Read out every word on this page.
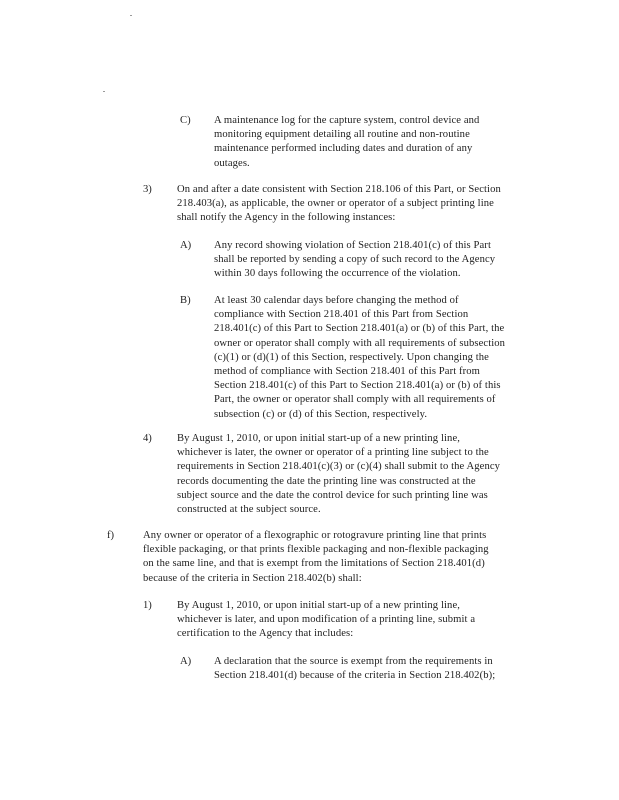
C) A maintenance log for the capture system, control device and
monitoring equipment detailing all routine and non-routine
maintenance performed including dates and duration of any
outages.
3) On and after a date consistent with Section 218.106 of this Part, or Section
218.403(a), as applicable, the owner or operator of a subject printing line
shall notify the Agency in the following instances:
A) Any record showing violation of Section 218.401(c) of this Part
shall be reported by sending a copy of such record to the Agency
within 30 days following the occurrence of the violation.
B) At least 30 calendar days before changing the method of
compliance with Section 218.401 of this Part from Section
218.401(c) of this Part to Section 218.401(a) or (b) of this Part, the
owner or operator shall comply with all requirements of subsection
(c)(1) or (d)(1) of this Section, respectively. Upon changing the
method of compliance with Section 218.401 of this Part from
Section 218.401(c) of this Part to Section 218.401(a) or (b) of this
Part, the owner or operator shall comply with all requirements of
subsection (c) or (d) of this Section, respectively.
4) By August 1, 2010, or upon initial start-up of a new printing line,
whichever is later, the owner or operator of a printing line subject to the
requirements in Section 218.401(c)(3) or (c)(4) shall submit to the Agency
records documenting the date the printing line was constructed at the
subject source and the date the control device for such printing line was
constructed at the subject source.
f)	Any owner or operator of a flexographic or rotogravure printing line that prints
flexible packaging, or that prints flexible packaging and non-flexible packaging
on the same line, and that is exempt from the limitations of Section 218.401(d)
because of the criteria in Section 218.402(b) shall:
1) By August 1, 2010, or upon initial start-up of a new printing line,
whichever is later, and upon modification of a printing line, submit a
certification to the Agency that includes:
A) A declaration that the source is exempt from the requirements in
Section 218.401(d) because of the criteria in Section 218.402(b);
